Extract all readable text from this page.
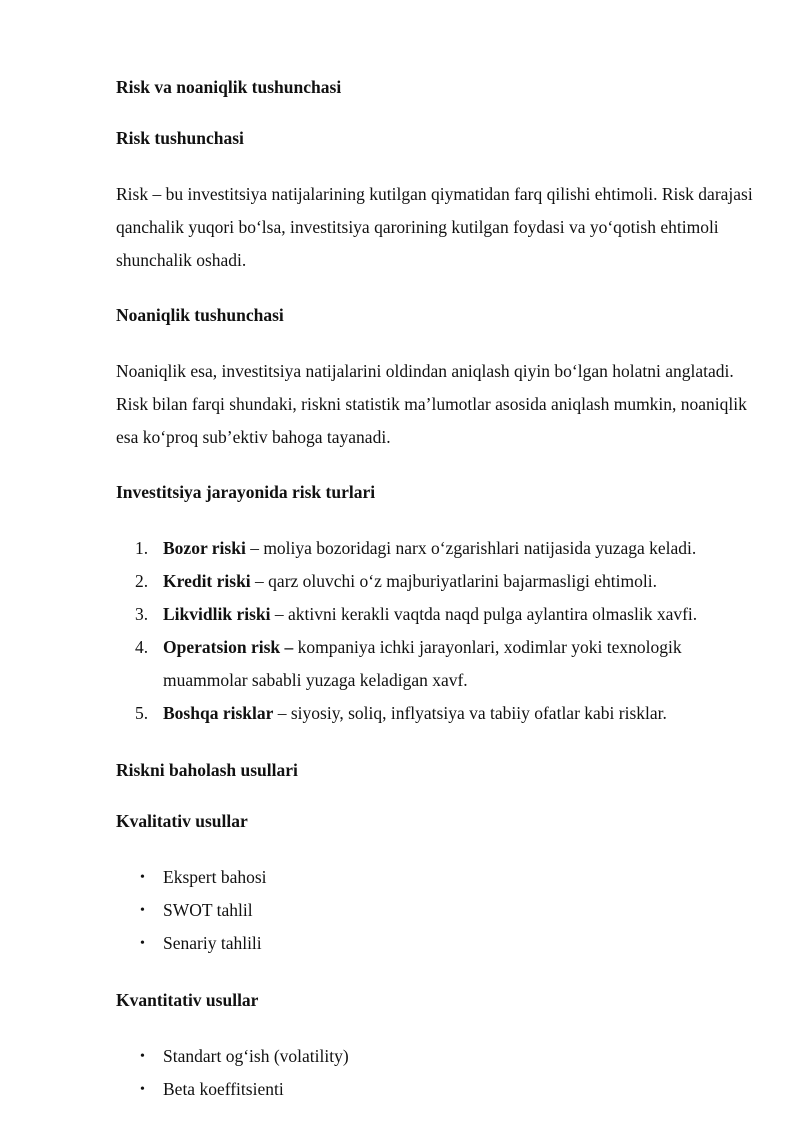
Risk va noaniqlik tushunchasi
Risk tushunchasi

Risk – bu investitsiya natijalarining kutilgan qiymatidan farq qilishi ehtimoli. Risk darajasi qanchalik yuqori bo‘lsa, investitsiya qarorining kutilgan foydasi va yo‘qotish ehtimoli shunchalik oshadi.

Noaniqlik tushunchasi

Noaniqlik esa, investitsiya natijalarini oldindan aniqlash qiyin bo‘lgan holatni anglatadi. Risk bilan farqi shundaki, riskni statistik ma’lumotlar asosida aniqlash mumkin, noaniqlik esa ko‘proq sub’ektiv bahoga tayanadi.

Investitsiya jarayonida risk turlari
1. Bozor riski – moliya bozoridagi narx o‘zgarishlari natijasida yuzaga keladi.
2. Kredit riski – qarz oluvchi o‘z majburiyatlarini bajarmasligi ehtimoli.
3. Likvidlik riski – aktivni kerakli vaqtda naqd pulga aylantira olmaslik xavfi.
4. Operatsion risk – kompaniya ichki jarayonlari, xodimlar yoki texnologik muammolar sababli yuzaga keladigan xavf.
5. Boshqa risklar – siyosiy, soliq, inflyatsiya va tabiiy ofatlar kabi risklar.
Riskni baholash usullari
Kvalitativ usullar
• Ekspert bahosi
• SWOT tahlil
• Senariy tahlili
Kvantitativ usullar
• Standart og‘ish (volatility)
• Beta koeffitsienti
